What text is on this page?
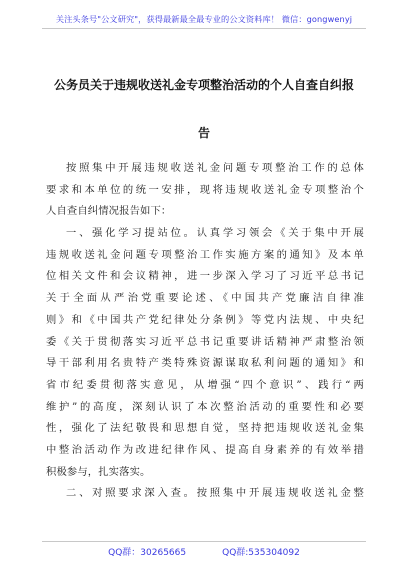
关注头条号"公文研究"，获得最新最全最专业的公文资料库！ 微信：gongwenyj
公务员关于违规收送礼金专项整治活动的个人自查自纠报
告
按照集中开展违规收送礼金问题专项整治工作的总体
要求和本单位的统一安排，现将违规收送礼金专项整治个
人自查自纠情况报告如下：
一、强化学习提站位。认真学习领会《关于集中开展
违规收送礼金问题专项整治工作实施方案的通知》及本单
位相关文件和会议精神，进一步深入学习了习近平总书记
关于全面从严治党重要论述、《中国共产党廉洁自律准
则》和《中国共产党纪律处分条例》等党内法规、中央纪
委《关于贯彻落实习近平总书记重要讲话精神严肃整治领
导干部利用名贵特产类特殊资源谋取私利问题的通知》和
省市纪委贯彻落实意见，从增强“四个意识”、践行“两
维护”的高度，深刻认识了本次整治活动的重要性和必要
性，强化了法纪敬畏和思想自觉，坚持把违规收送礼金集
中整治活动作为改进纪律作风、提高自身素养的有效举措
积极参与，扎实落实。
二、对照要求深入查。按照集中开展违规收送礼金整
QQ群：30265665	QQ群:535304092
